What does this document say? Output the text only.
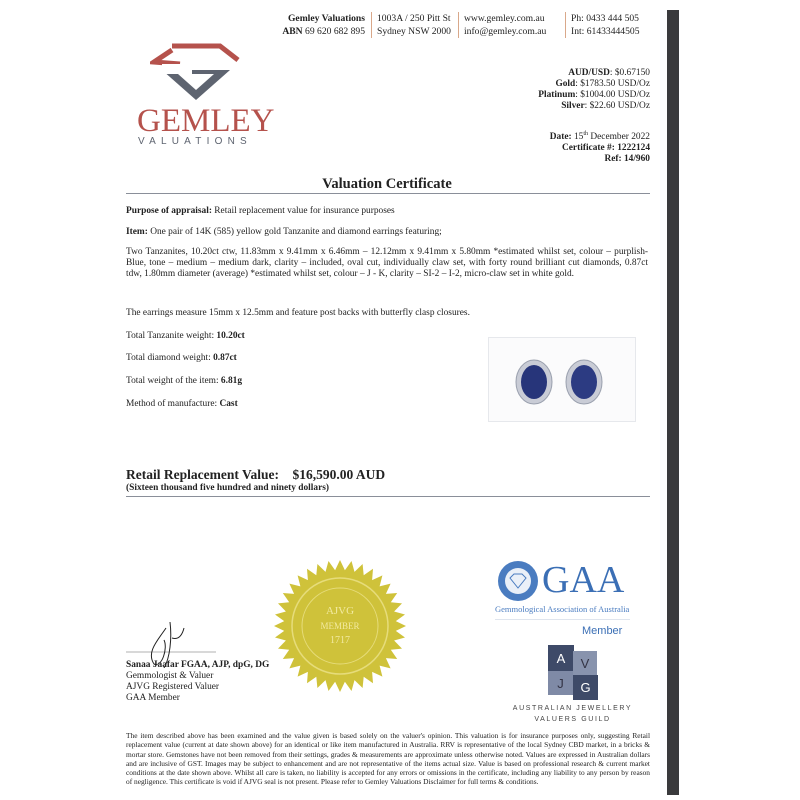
Gemley Valuations
ABN 69 620 682 895
1003A / 250 Pitt St
Sydney NSW 2000
www.gemley.com.au
info@gemley.com.au
Ph: 0433 444 505
Int: 61433444505
GEMLEY
VALUATIONS
AUD/USD: $0.67150
Gold: $1783.50 USD/Oz
Platinum: $1004.00 USD/Oz
Silver: $22.60 USD/Oz
Date: 15th December 2022
Certificate #: 1222124
Ref: 14/960
Valuation Certificate
Purpose of appraisal: Retail replacement value for insurance purposes
Item: One pair of 14K (585) yellow gold Tanzanite and diamond earrings featuring;
Two Tanzanites, 10.20ct ctw, 11.83mm x 9.41mm x 6.46mm – 12.12mm x 9.41mm x 5.80mm *estimated whilst set, colour – purplish-Blue, tone – medium – medium dark, clarity – included, oval cut, individually claw set, with forty round brilliant cut diamonds, 0.87ct tdw, 1.80mm diameter (average) *estimated whilst set, colour – J - K, clarity – SI-2 – I-2, micro-claw set in white gold.
The earrings measure 15mm x 12.5mm and feature post backs with butterfly clasp closures.
Total Tanzanite weight: 10.20ct
Total diamond weight: 0.87ct
Total weight of the item: 6.81g
Method of manufacture: Cast
Retail Replacement Value: $16,590.00 AUD
(Sixteen thousand five hundred and ninety dollars)
AJVG
MEMBER
1717
Sanaa Jaafar FGAA, AJP, dpG, DG
Gemmologist & Valuer
AJVG Registered Valuer
GAA Member
GAA
Gemmological Association of Australia
Member
A	V
J	G
AUSTRALIAN JEWELLERY
VALUERS GUILD
The item described above has been examined and the value given is based solely on the valuer's opinion. This valuation is for insurance purposes only, suggesting Retail replacement value (current at date shown above) for an identical or like item manufactured in Australia. RRV is representative of the local Sydney CBD market, in a bricks & mortar store. Gemstones have not been removed from their settings, grades & measurements are approximate unless otherwise noted. Values are expressed in Australian dollars and are inclusive of GST. Images may be subject to enhancement and are not representative of the items actual size. Value is based on professional research & current market conditions at the date shown above. Whilst all care is taken, no liability is accepted for any errors or omissions in the certificate, including any liability to any person by reason of negligence. This certificate is void if AJVG seal is not present. Please refer to Gemley Valuations Disclaimer for full terms & conditions.
